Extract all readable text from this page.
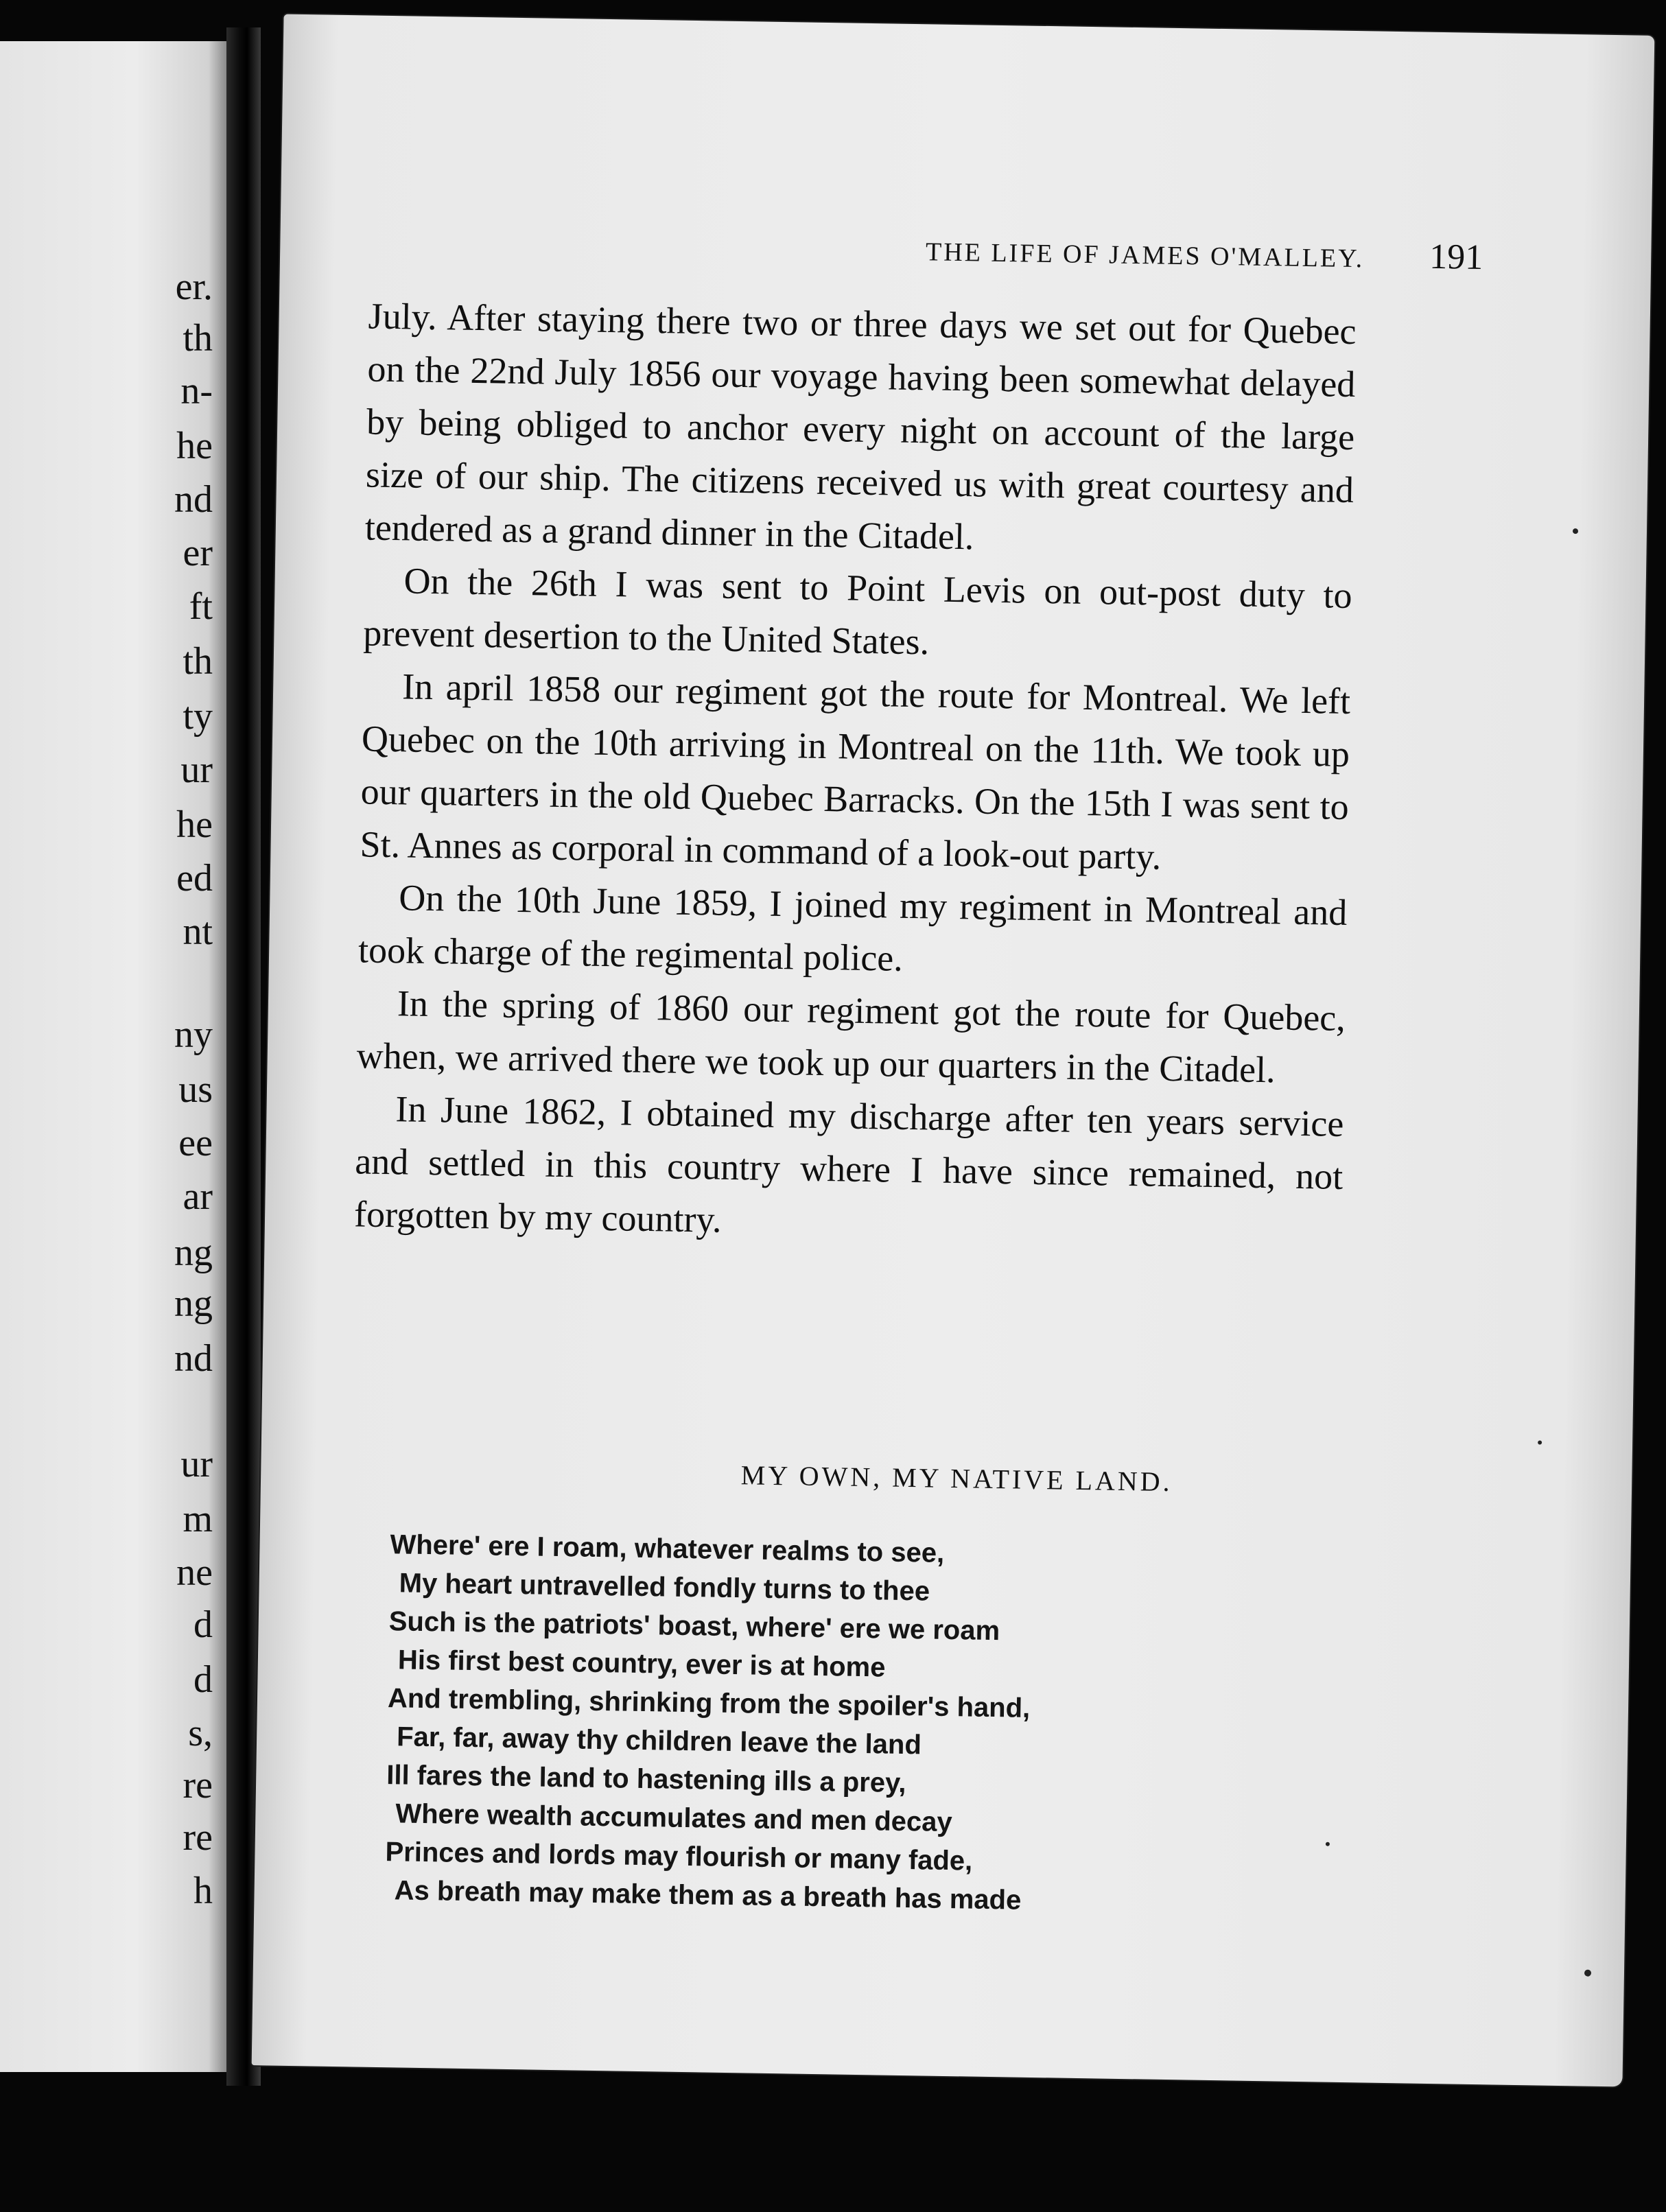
er.
th
n-
he
nd
er
ft
th
ty
ur
he
ed
nt
ny
us
ee
ar
ng
ng
nd
ur
m
ne
d
d
s,
re
re
h
THE LIFE OF JAMES O'MALLEY.	191

July. After staying there two or three days we set out for Quebec on the 22nd July 1856 our voyage having been somewhat delayed by being obliged to anchor every night on account of the large size of our ship. The citizens received us with great courtesy and tendered as a grand dinner in the Citadel.

On the 26th I was sent to Point Levis on out-post duty to prevent desertion to the United States.

In april 1858 our regiment got the route for Montreal. We left Quebec on the 10th arriving in Montreal on the 11th. We took up our quarters in the old Quebec Barracks. On the 15th I was sent to St. Annes as corporal in command of a look-out party.

On the 10th June 1859, I joined my regiment in Montreal and took charge of the regimental police.

In the spring of 1860 our regiment got the route for Quebec, when, we arrived there we took up our quarters in the Citadel.

In June 1862, I obtained my discharge after ten years service and settled in this country where I have since remained, not forgotten by my country.

MY OWN, MY NATIVE LAND.
Where' ere I roam, whatever realms to see,
My heart untravelled fondly turns to thee
Such is the patriots' boast, where' ere we roam
His first best country, ever is at home
And trembling, shrinking from the spoiler's hand,
Far, far, away thy children leave the land
Ill fares the land to hastening ills a prey,
Where wealth accumulates and men decay
Princes and lords may flourish or many fade,
As breath may make them as a breath has made
